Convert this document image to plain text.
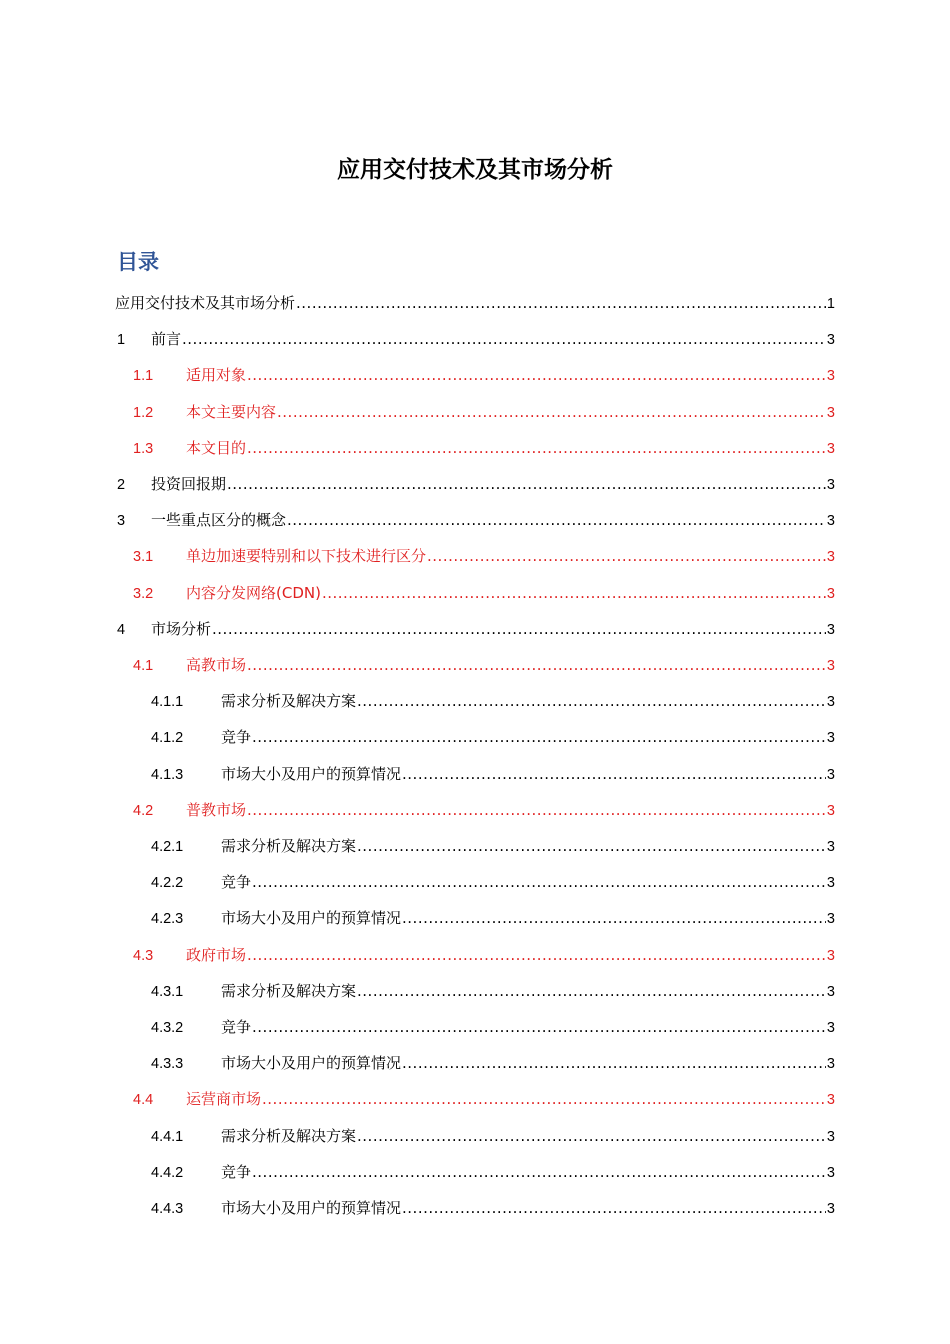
应用交付技术及其市场分析
目录
应用交付技术及其市场分析 .....	1
1	前言 .....	3
1.1	适用对象 .....	3
1.2	本文主要内容 .....	3
1.3	本文目的 .....	3
2	投资回报期 .....	3
3	一些重点区分的概念 .....	3
3.1	单边加速要特别和以下技术进行区分 .....	3
3.2	内容分发网络(CDN) .....	3
4	市场分析 .....	3
4.1	高教市场 .....	3
4.1.1	需求分析及解决方案 .....	3
4.1.2	竞争 .....	3
4.1.3	市场大小及用户的预算情况 .....	3
4.2	普教市场 .....	3
4.2.1	需求分析及解决方案 .....	3
4.2.2	竞争 .....	3
4.2.3	市场大小及用户的预算情况 .....	3
4.3	政府市场 .....	3
4.3.1	需求分析及解决方案 .....	3
4.3.2	竞争 .....	3
4.3.3	市场大小及用户的预算情况 .....	3
4.4	运营商市场 .....	3
4.4.1	需求分析及解决方案 .....	3
4.4.2	竞争 .....	3
4.4.3	市场大小及用户的预算情况 .....	3
